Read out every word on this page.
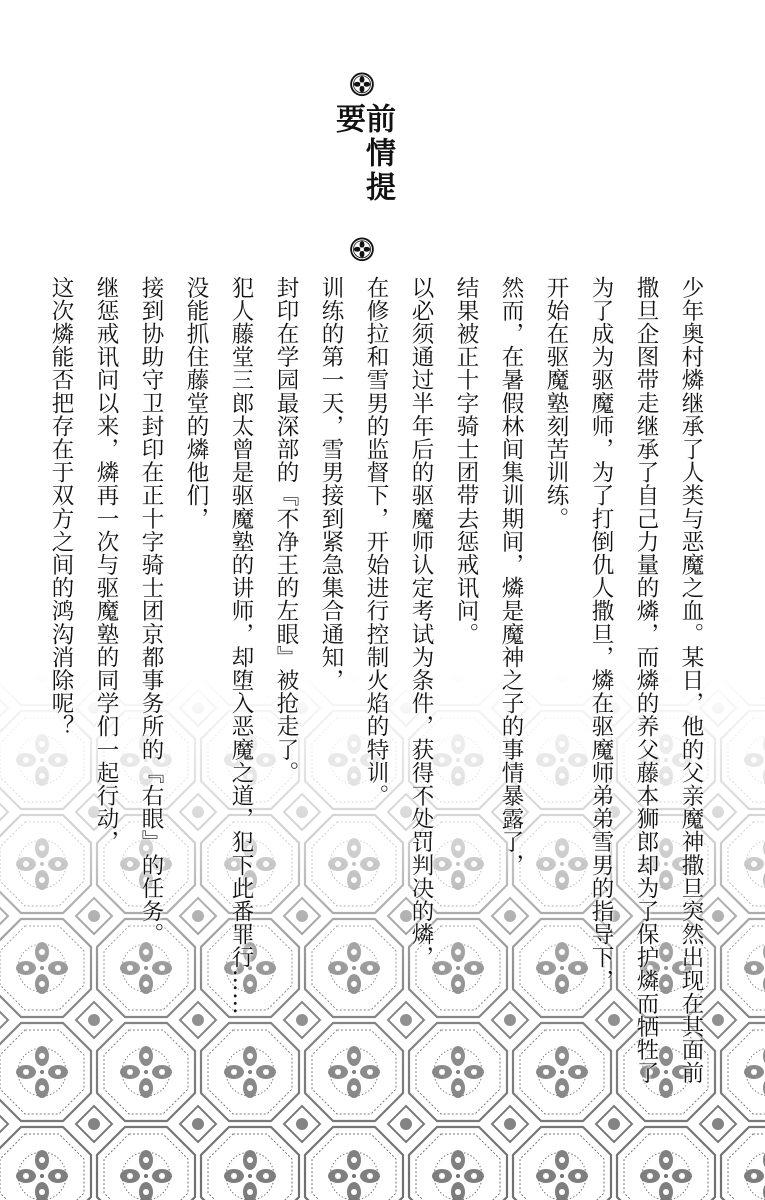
前情提要

少年奥村燐继承了人类与恶魔之血。某日，他的父亲魔神撒旦突然出现在其面前

撒旦企图带走继承了自己力量的燐，而燐的养父藤本狮郎却为了保护燐而牺牲了

为了成为驱魔师，为了打倒仇人撒旦，燐在驱魔师弟弟雪男的指导下，

开始在驱魔塾刻苦训练。

然而，在暑假林间集训期间，燐是魔神之子的事情暴露了，

结果被正十字骑士团带去惩戒讯问。

以必须通过半年后的驱魔师认定考试为条件，获得不处罚判决的燐，

在修拉和雪男的监督下，开始进行控制火焰的特训。

训练的第一天，雪男接到紧急集合通知，

封印在学园最深部的『不净王的左眼』被抢走了。

犯人藤堂三郎太曾是驱魔塾的讲师，却堕入恶魔之道，犯下此番罪行……

没能抓住藤堂的燐他们，

接到协助守卫封印在正十字骑士团京都事务所的『右眼』的任务。

继惩戒讯问以来，燐再一次与驱魔塾的同学们一起行动，

这次燐能否把存在于双方之间的鸿沟消除呢？
